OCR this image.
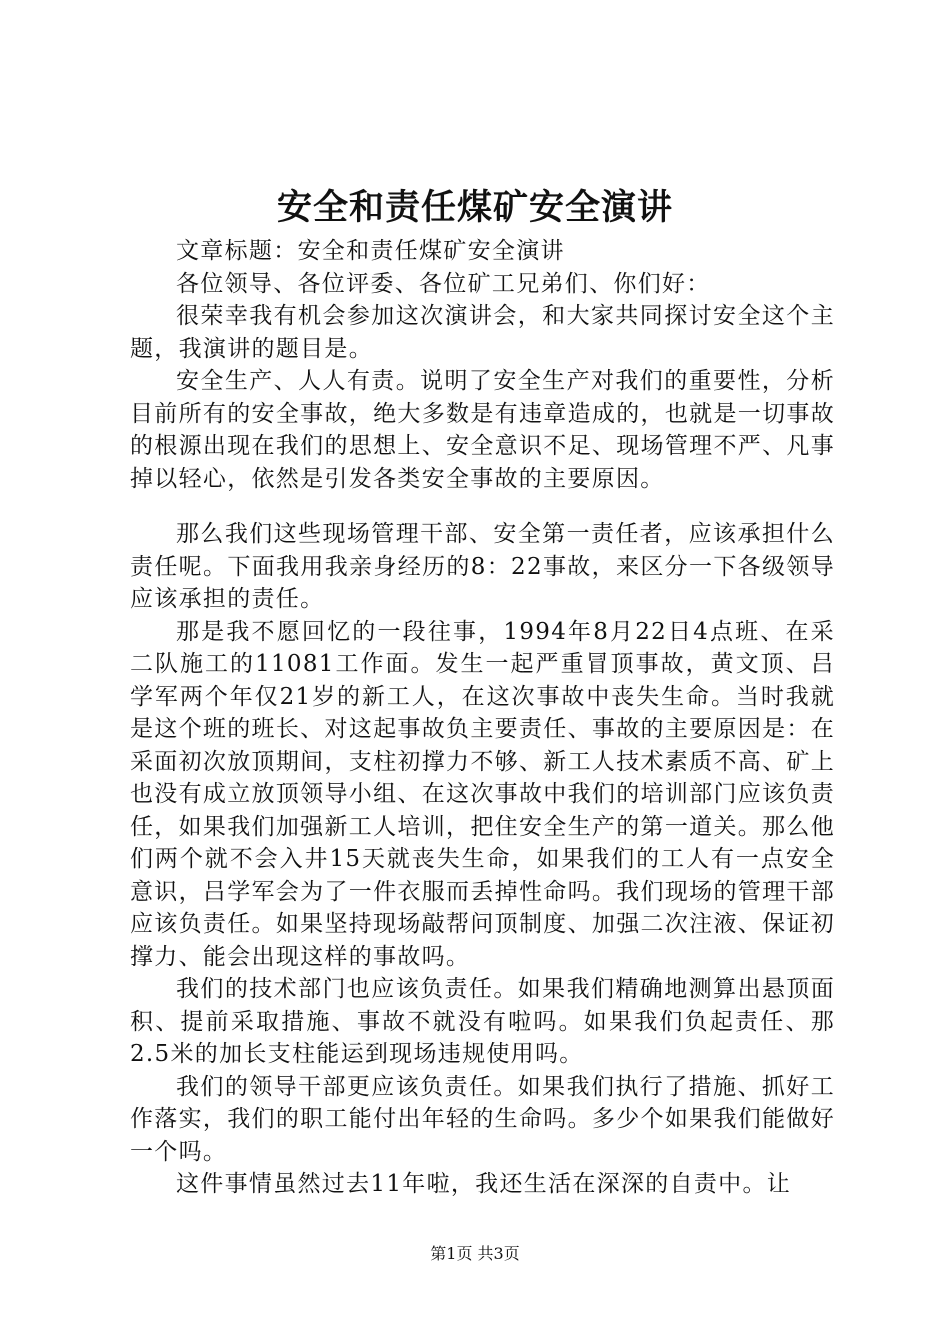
安全和责任煤矿安全演讲

文章标题：安全和责任煤矿安全演讲

各位领导、各位评委、各位矿工兄弟们、你们好：

很荣幸我有机会参加这次演讲会，和大家共同探讨安全这个主题，我演讲的题目是。

安全生产、人人有责。说明了安全生产对我们的重要性，分析目前所有的安全事故，绝大多数是有违章造成的，也就是一切事故的根源出现在我们的思想上、安全意识不足、现场管理不严、凡事掉以轻心，依然是引发各类安全事故的主要原因。

那么我们这些现场管理干部、安全第一责任者，应该承担什么责任呢。下面我用我亲身经历的8：22事故，来区分一下各级领导应该承担的责任。

那是我不愿回忆的一段往事，1994年8月22日4点班、在采二队施工的11081工作面。发生一起严重冒顶事故，黄文顶、吕学军两个年仅21岁的新工人，在这次事故中丧失生命。当时我就是这个班的班长、对这起事故负主要责任、事故的主要原因是：在采面初次放顶期间，支柱初撑力不够、新工人技术素质不高、矿上也没有成立放顶领导小组、在这次事故中我们的培训部门应该负责任，如果我们加强新工人培训，把住安全生产的第一道关。那么他们两个就不会入井15天就丧失生命，如果我们的工人有一点安全意识，吕学军会为了一件衣服而丢掉性命吗。我们现场的管理干部应该负责任。如果坚持现场敲帮问顶制度、加强二次注液、保证初撑力、能会出现这样的事故吗。

我们的技术部门也应该负责任。如果我们精确地测算出悬顶面积、提前采取措施、事故不就没有啦吗。如果我们负起责任、那2.5米的加长支柱能运到现场违规使用吗。

我们的领导干部更应该负责任。如果我们执行了措施、抓好工作落实，我们的职工能付出年轻的生命吗。多少个如果我们能做好一个吗。

这件事情虽然过去11年啦，我还生活在深深的自责中。让

第1页 共3页
